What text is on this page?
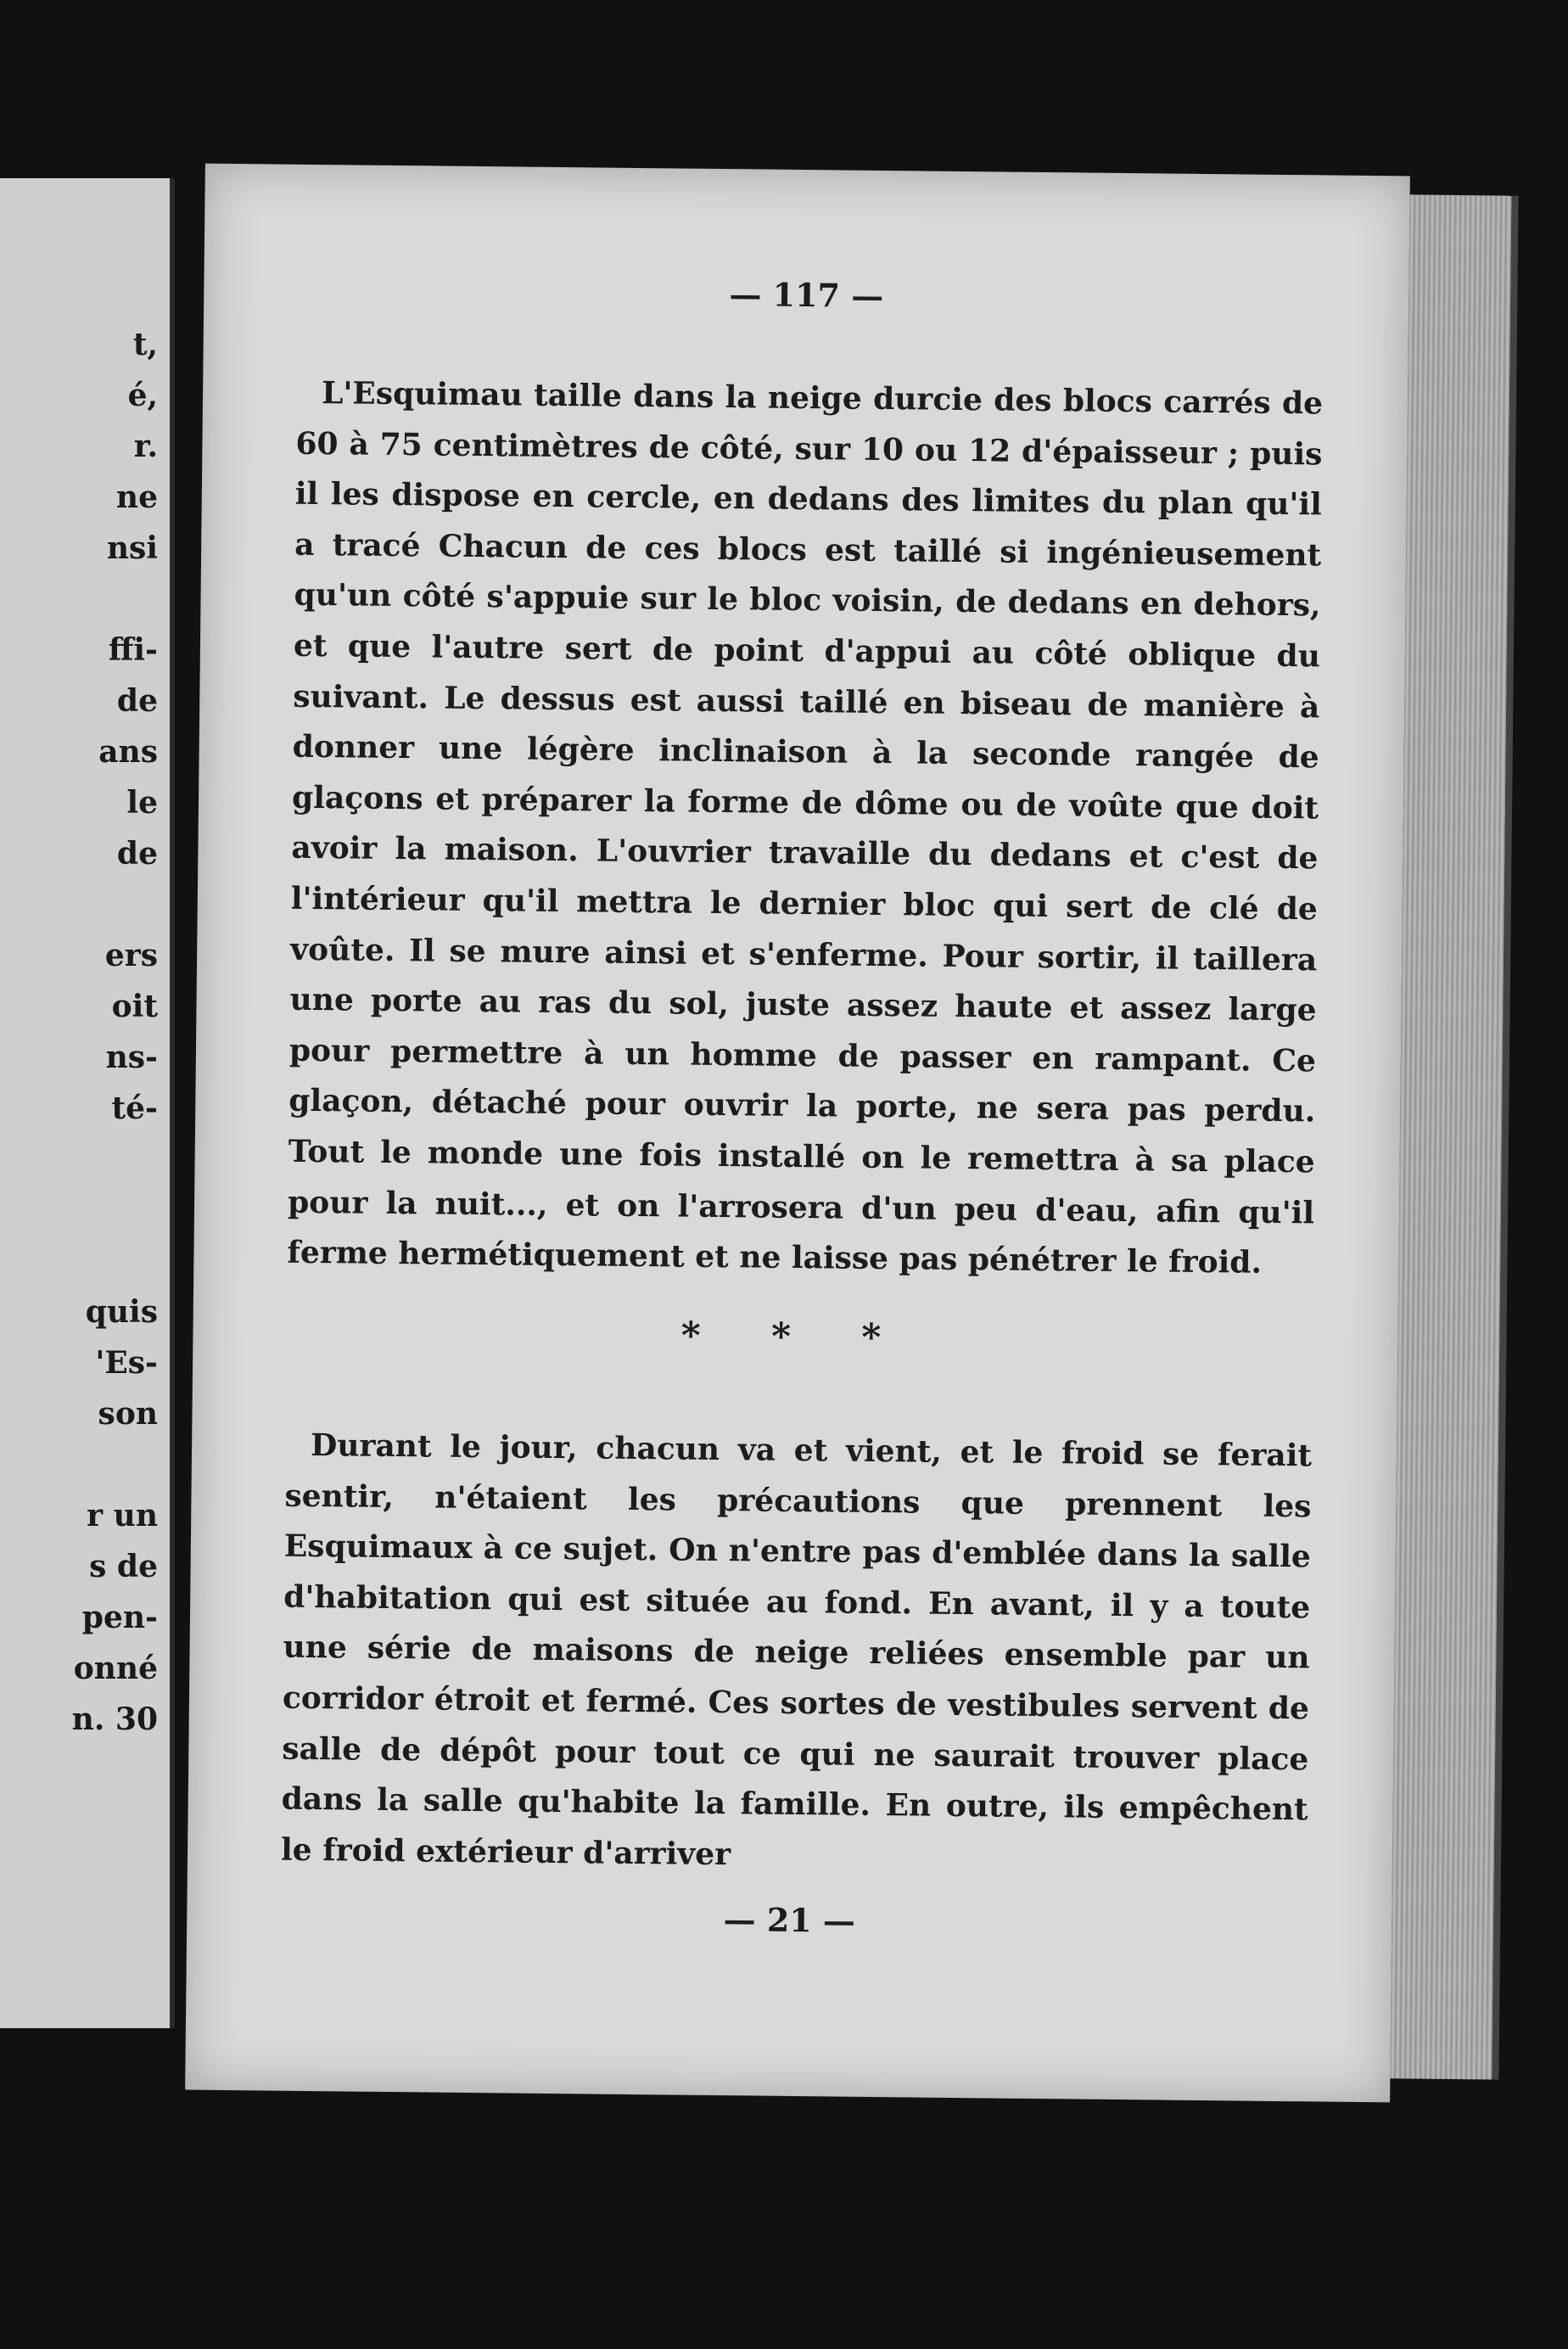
t,
é,
r.
ne
nsi
ffi-
de
ans
le
de
ers
oit
ns-
té-
quis
'Es-
son
r un
s de
pen-
onné
n. 30
— 117 —

L'Esquimau taille dans la neige durcie des blocs carrés de 60 à 75 centimètres de côté, sur 10 ou 12 d'épaisseur ; puis il les dispose en cercle, en dedans des limites du plan qu'il a tracé Chacun de ces blocs est taillé si ingénieusement qu'un côté s'appuie sur le bloc voisin, de dedans en dehors, et que l'autre sert de point d'appui au côté oblique du suivant. Le dessus est aussi taillé en biseau de manière à donner une légère inclinaison à la seconde rangée de glaçons et préparer la forme de dôme ou de voûte que doit avoir la maison. L'ouvrier travaille du dedans et c'est de l'intérieur qu'il mettra le dernier bloc qui sert de clé de voûte. Il se mure ainsi et s'enferme. Pour sortir, il taillera une porte au ras du sol, juste assez haute et assez large pour permettre à un homme de passer en rampant. Ce glaçon, détaché pour ouvrir la porte, ne sera pas perdu. Tout le monde une fois installé on le remettra à sa place pour la nuit..., et on l'arrosera d'un peu d'eau, afin qu'il ferme hermétiquement et ne laisse pas pénétrer le froid.

* * *

Durant le jour, chacun va et vient, et le froid se ferait sentir, n'étaient les précautions que prennent les Esquimaux à ce sujet. On n'entre pas d'emblée dans la salle d'habitation qui est située au fond. En avant, il y a toute une série de maisons de neige reliées ensemble par un corridor étroit et fermé. Ces sortes de vestibules servent de salle de dépôt pour tout ce qui ne saurait trouver place dans la salle qu'habite la famille. En outre, ils empêchent le froid extérieur d'arriver

— 21 —
